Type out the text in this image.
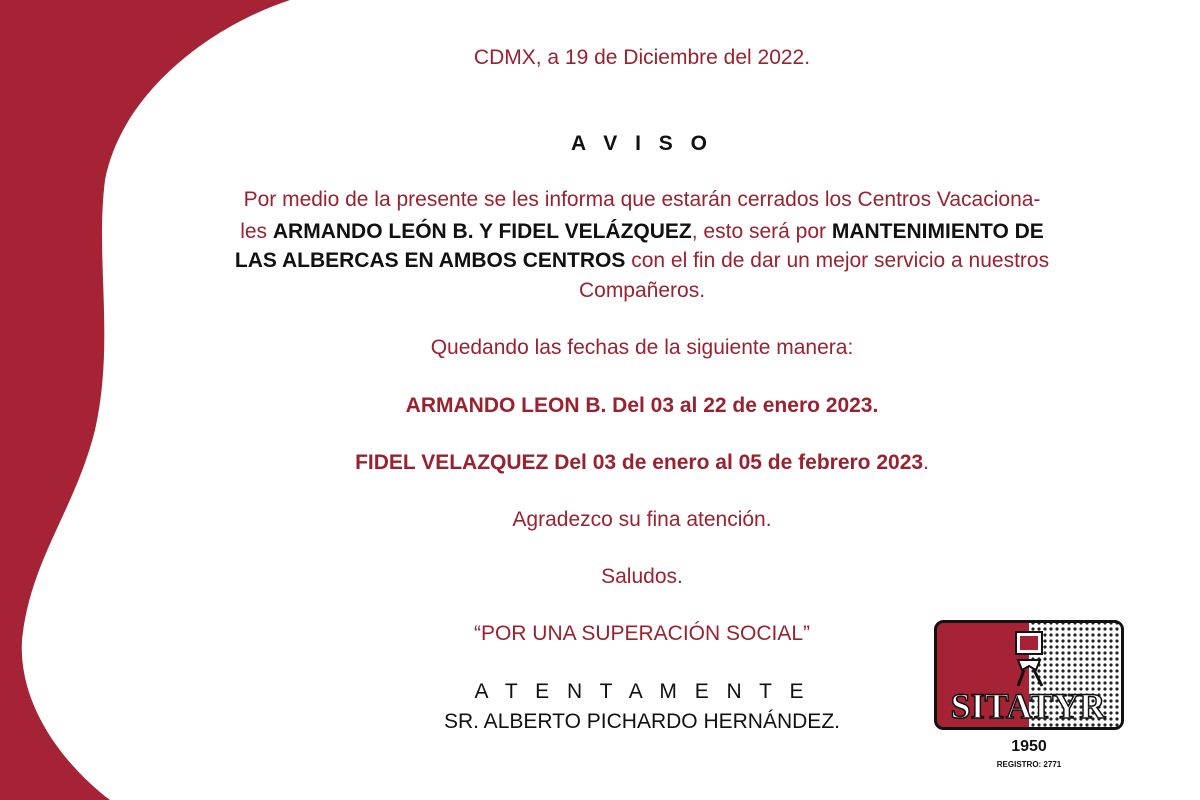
CDMX, a 19 de Diciembre del 2022.
A V I S O
Por medio de la presente se les informa que estarán cerrados los Centros Vacaciona-
les ARMANDO LEÓN B. Y FIDEL VELÁZQUEZ, esto será por MANTENIMIENTO DE
LAS ALBERCAS EN AMBOS CENTROS con el fin de dar un mejor servicio a nuestros
Compañeros.
Quedando las fechas de la siguiente manera:
ARMANDO LEON B. Del 03 al 22 de enero 2023.
FIDEL VELAZQUEZ Del 03 de enero al 05 de febrero 2023.
Agradezco su fina atención.
Saludos.
“POR UNA SUPERACIÓN SOCIAL”
A T E N T A M E N T E
SR. ALBERTO PICHARDO HERNÁNDEZ.	SITATYR
1950
REGISTRO: 2771
